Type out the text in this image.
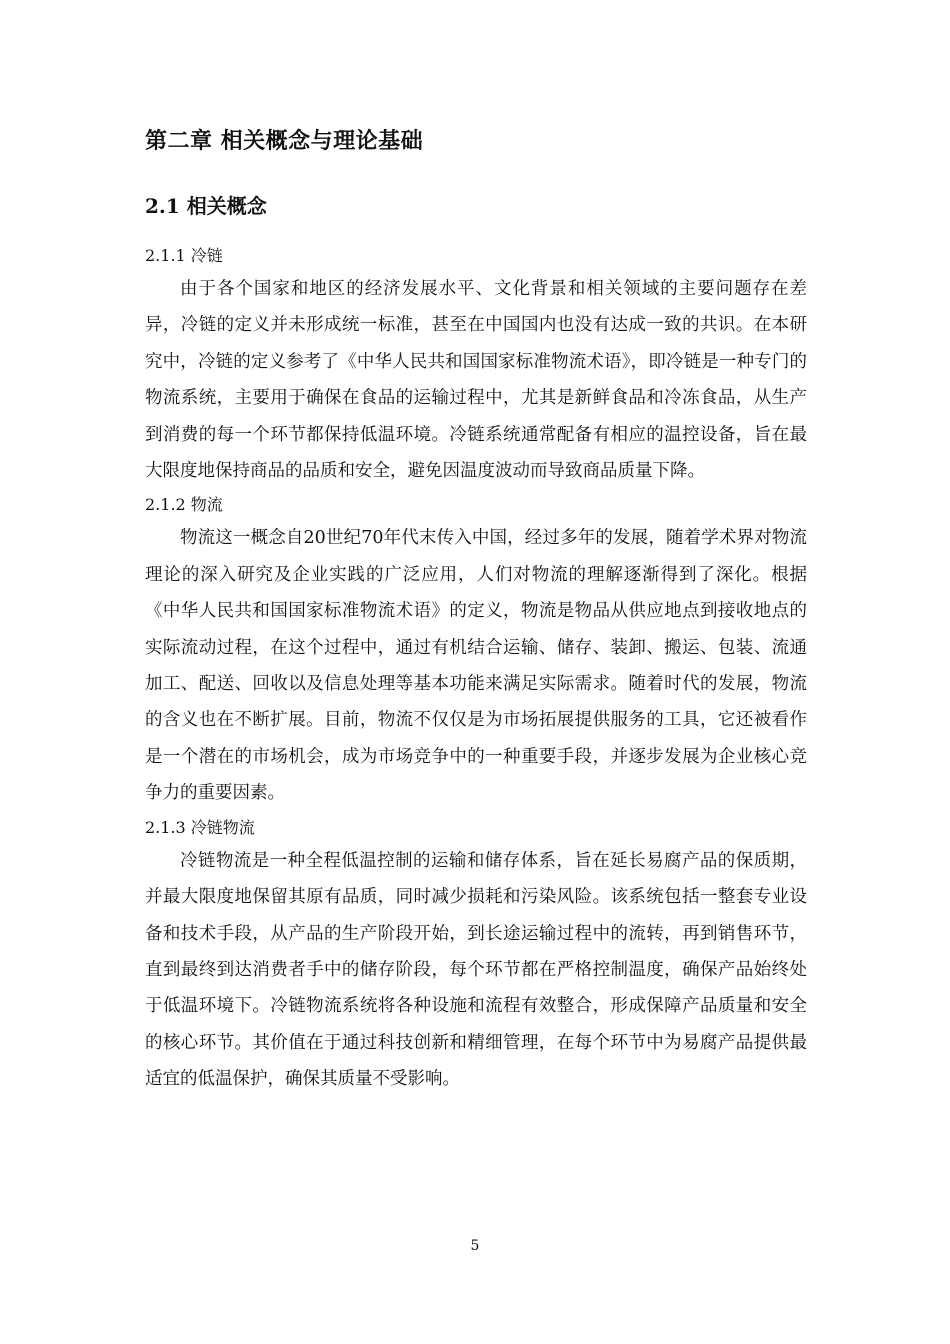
第二章 相关概念与理论基础
2.1 相关概念
2.1.1 冷链

由于各个国家和地区的经济发展水平、文化背景和相关领域的主要问题存在差异，冷链的定义并未形成统一标准，甚至在中国国内也没有达成一致的共识。在本研究中，冷链的定义参考了《中华人民共和国国家标准物流术语》，即冷链是一种专门的物流系统，主要用于确保在食品的运输过程中，尤其是新鲜食品和冷冻食品，从生产到消费的每一个环节都保持低温环境。冷链系统通常配备有相应的温控设备，旨在最大限度地保持商品的品质和安全，避免因温度波动而导致商品质量下降。

2.1.2 物流

物流这一概念自20世纪70年代末传入中国，经过多年的发展，随着学术界对物流理论的深入研究及企业实践的广泛应用，人们对物流的理解逐渐得到了深化。根据《中华人民共和国国家标准物流术语》的定义，物流是物品从供应地点到接收地点的实际流动过程，在这个过程中，通过有机结合运输、储存、装卸、搬运、包装、流通加工、配送、回收以及信息处理等基本功能来满足实际需求。随着时代的发展，物流的含义也在不断扩展。目前，物流不仅仅是为市场拓展提供服务的工具，它还被看作是一个潜在的市场机会，成为市场竞争中的一种重要手段，并逐步发展为企业核心竞争力的重要因素。

2.1.3 冷链物流

冷链物流是一种全程低温控制的运输和储存体系，旨在延长易腐产品的保质期，并最大限度地保留其原有品质，同时减少损耗和污染风险。该系统包括一整套专业设备和技术手段，从产品的生产阶段开始，到长途运输过程中的流转，再到销售环节，直到最终到达消费者手中的储存阶段，每个环节都在严格控制温度，确保产品始终处于低温环境下。冷链物流系统将各种设施和流程有效整合，形成保障产品质量和安全的核心环节。其价值在于通过科技创新和精细管理，在每个环节中为易腐产品提供最适宜的低温保护，确保其质量不受影响。

5
